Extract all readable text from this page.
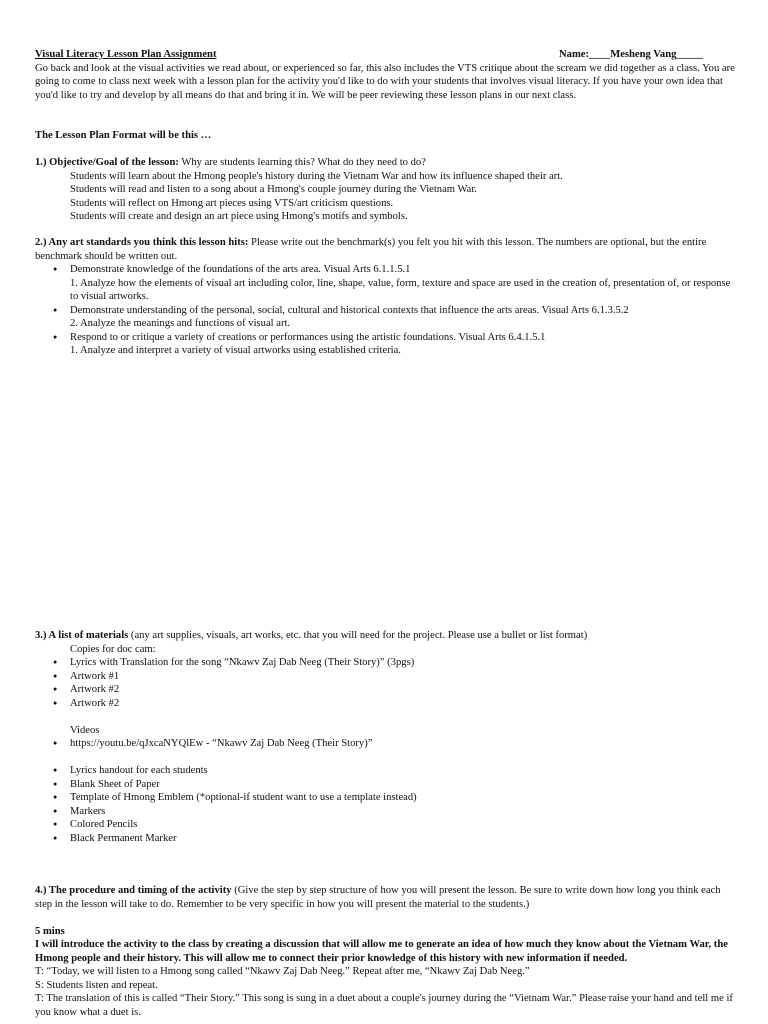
Visual Literacy Lesson Plan Assignment	Name:____Mesheng Vang_____
Go back and look at the visual activities we read about, or experienced so far, this also includes the VTS critique about the scream we did together as a class. You are going to come to class next week with a lesson plan for the activity you'd like to do with your students that involves visual literacy. If you have your own idea that you'd like to try and develop by all means do that and bring it in. We will be peer reviewing these lesson plans in our next class.
The Lesson Plan Format will be this …
1.) Objective/Goal of the lesson: Why are students learning this? What do they need to do?
Students will learn about the Hmong people's history during the Vietnam War and how its influence shaped their art.
Students will read and listen to a song about a Hmong's couple journey during the Vietnam War.
Students will reflect on Hmong art pieces using VTS/art criticism questions.
Students will create and design an art piece using Hmong's motifs and symbols.
2.) Any art standards you think this lesson hits: Please write out the benchmark(s) you felt you hit with this lesson. The numbers are optional, but the entire benchmark should be written out.
● Demonstrate knowledge of the foundations of the arts area. Visual Arts 6.1.1.5.1
1. Analyze how the elements of visual art including color, line, shape, value, form, texture and space are used in the creation of, presentation of, or response to visual artworks.
● Demonstrate understanding of the personal, social, cultural and historical contexts that influence the arts areas. Visual Arts 6.1.3.5.2
2. Analyze the meanings and functions of visual art.
● Respond to or critique a variety of creations or performances using the artistic foundations. Visual Arts 6.4.1.5.1
1. Analyze and interpret a variety of visual artworks using established criteria.
3.) A list of materials (any art supplies, visuals, art works, etc. that you will need for the project. Please use a bullet or list format)
Copies for doc cam:
● Lyrics with Translation for the song “Nkawv Zaj Dab Neeg (Their Story)” (3pgs)
● Artwork #1
● Artwork #2
● Artwork #2
Videos
● https://youtu.be/qJxcaNYQlEw - “Nkawv Zaj Dab Neeg (Their Story)”
● Lyrics handout for each students
● Blank Sheet of Paper
● Template of Hmong Emblem (*optional-if student want to use a template instead)
● Markers
● Colored Pencils
● Black Permanent Marker
4.) The procedure and timing of the activity (Give the step by step structure of how you will present the lesson. Be sure to write down how long you think each step in the lesson will take to do. Remember to be very specific in how you will present the material to the students.)
5 mins
I will introduce the activity to the class by creating a discussion that will allow me to generate an idea of how much they know about the Vietnam War, the Hmong people and their history. This will allow me to connect their prior knowledge of this history with new information if needed.
T: “Today, we will listen to a Hmong song called “Nkawv Zaj Dab Neeg.” Repeat after me, “Nkawv Zaj Dab Neeg.”
S: Students listen and repeat.
T: The translation of this is called “Their Story.” This song is sung in a duet about a couple's journey during the “Vietnam War.” Please raise your hand and tell me if you know what a duet is.
